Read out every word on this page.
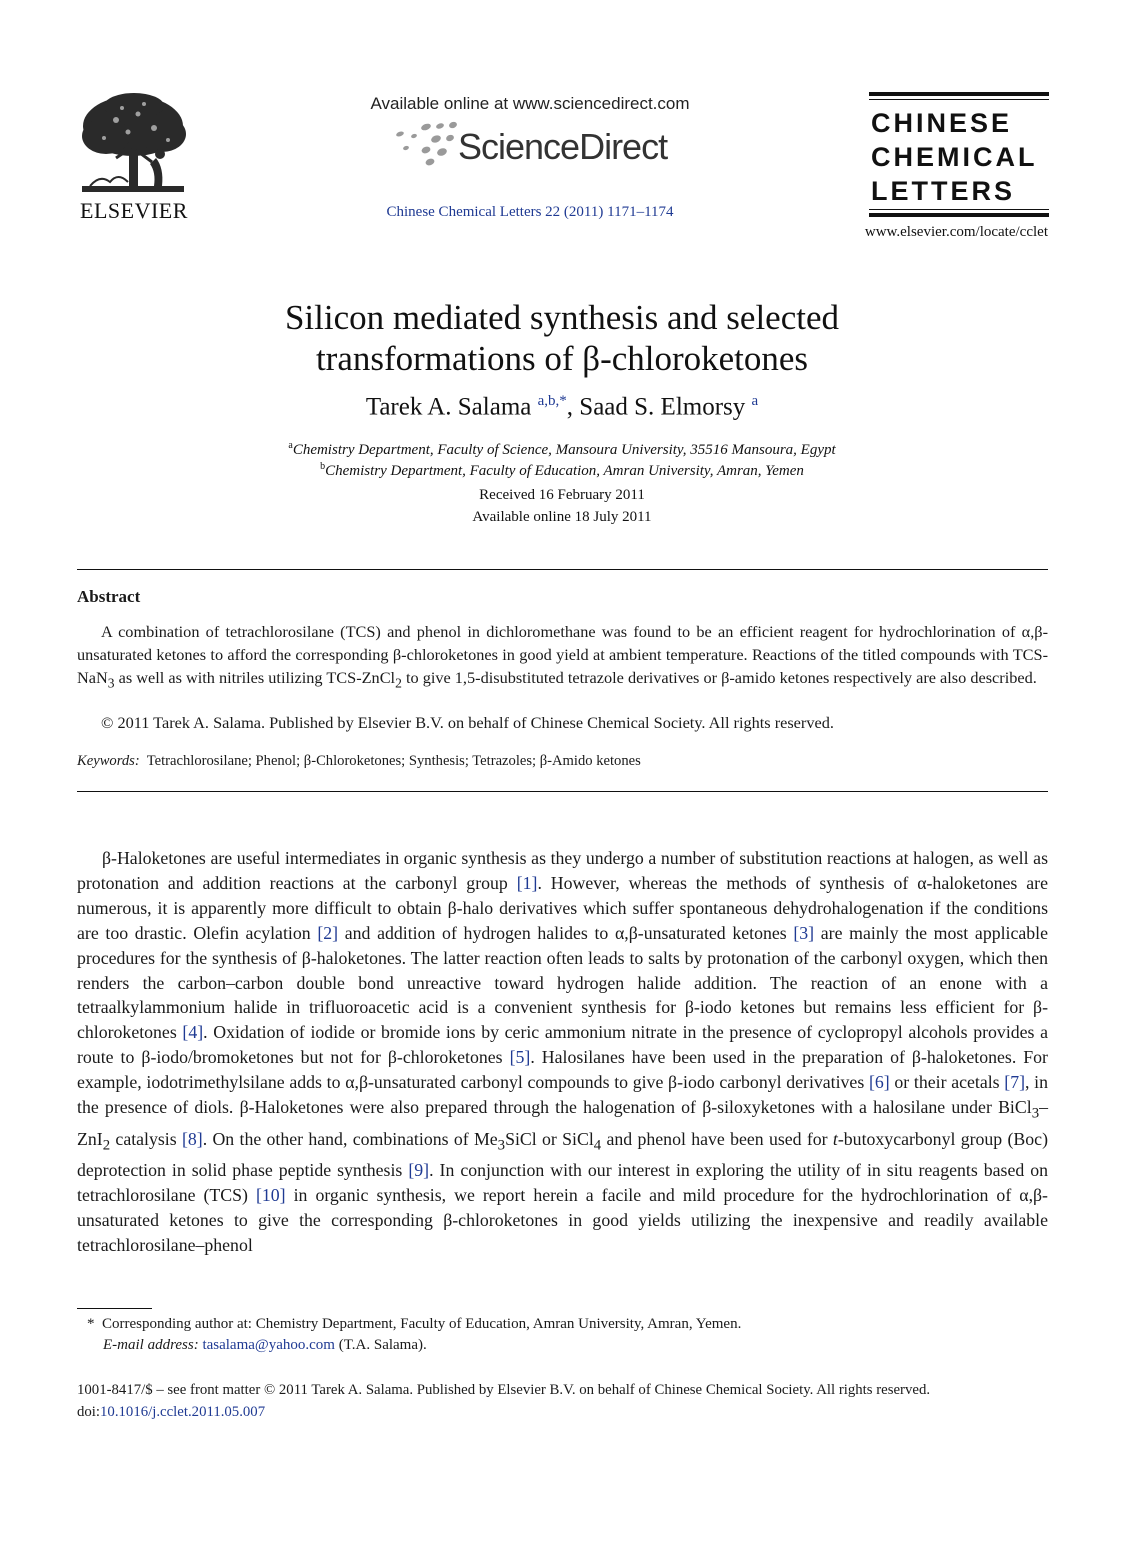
ELSEVIER
Available online at www.sciencedirect.com
ScienceDirect
Chinese Chemical Letters 22 (2011) 1171–1174
CHINESE
CHEMICAL
LETTERS
www.elsevier.com/locate/cclet
Silicon mediated synthesis and selected
transformations of β-chloroketones
Tarek A. Salama $^{a,b,*}$, Saad S. Elmorsy $^a$
$^a$Chemistry Department, Faculty of Science, Mansoura University, 35516 Mansoura, Egypt
$^b$Chemistry Department, Faculty of Education, Amran University, Amran, Yemen
Received 16 February 2011
Available online 18 July 2011
Abstract

A combination of tetrachlorosilane (TCS) and phenol in dichloromethane was found to be an efficient reagent for hydrochlorination of α,β-unsaturated ketones to afford the corresponding β-chloroketones in good yield at ambient temperature. Reactions of the titled compounds with TCS-NaN$_3$ as well as with nitriles utilizing TCS-ZnCl$_2$ to give 1,5-disubstituted tetrazole derivatives or β-amido ketones respectively are also described.

© 2011 Tarek A. Salama. Published by Elsevier B.V. on behalf of Chinese Chemical Society. All rights reserved.
Keywords: Tetrachlorosilane; Phenol; β-Chloroketones; Synthesis; Tetrazoles; β-Amido ketones

β-Haloketones are useful intermediates in organic synthesis as they undergo a number of substitution reactions at halogen, as well as protonation and addition reactions at the carbonyl group [1]. However, whereas the methods of synthesis of α-haloketones are numerous, it is apparently more difficult to obtain β-halo derivatives which suffer spontaneous dehydrohalogenation if the conditions are too drastic. Olefin acylation [2] and addition of hydrogen halides to α,β-unsaturated ketones [3] are mainly the most applicable procedures for the synthesis of β-haloketones. The latter reaction often leads to salts by protonation of the carbonyl oxygen, which then renders the carbon–carbon double bond unreactive toward hydrogen halide addition. The reaction of an enone with a tetraalkylammonium halide in trifluoroacetic acid is a convenient synthesis for β-iodo ketones but remains less efficient for β-chloroketones [4]. Oxidation of iodide or bromide ions by ceric ammonium nitrate in the presence of cyclopropyl alcohols provides a route to β-iodo/bromoketones but not for β-chloroketones [5]. Halosilanes have been used in the preparation of β-haloketones. For example, iodotrimethylsilane adds to α,β-unsaturated carbonyl compounds to give β-iodo carbonyl derivatives [6] or their acetals [7], in the presence of diols. β-Haloketones were also prepared through the halogenation of β-siloxyketones with a halosilane under BiCl$_3$–ZnI$_2$ catalysis [8]. On the other hand, combinations of $Me_3SiCl$ or SiCl$_4$ and phenol have been used for t-butoxycarbonyl group (Boc) deprotection in solid phase peptide synthesis [9]. In conjunction with our interest in exploring the utility of in situ reagents based on tetrachlorosilane (TCS) [10] in organic synthesis, we report herein a facile and mild procedure for the hydrochlorination of α,β-unsaturated ketones to give the corresponding β-chloroketones in good yields utilizing the inexpensive and readily available tetrachlorosilane–phenol

* Corresponding author at: Chemistry Department, Faculty of Education, Amran University, Amran, Yemen.
E-mail address: tasalama@yahoo.com (T.A. Salama).
1001-8417/$ – see front matter © 2011 Tarek A. Salama. Published by Elsevier B.V. on behalf of Chinese Chemical Society. All rights reserved.
doi:10.1016/j.cclet.2011.05.007
